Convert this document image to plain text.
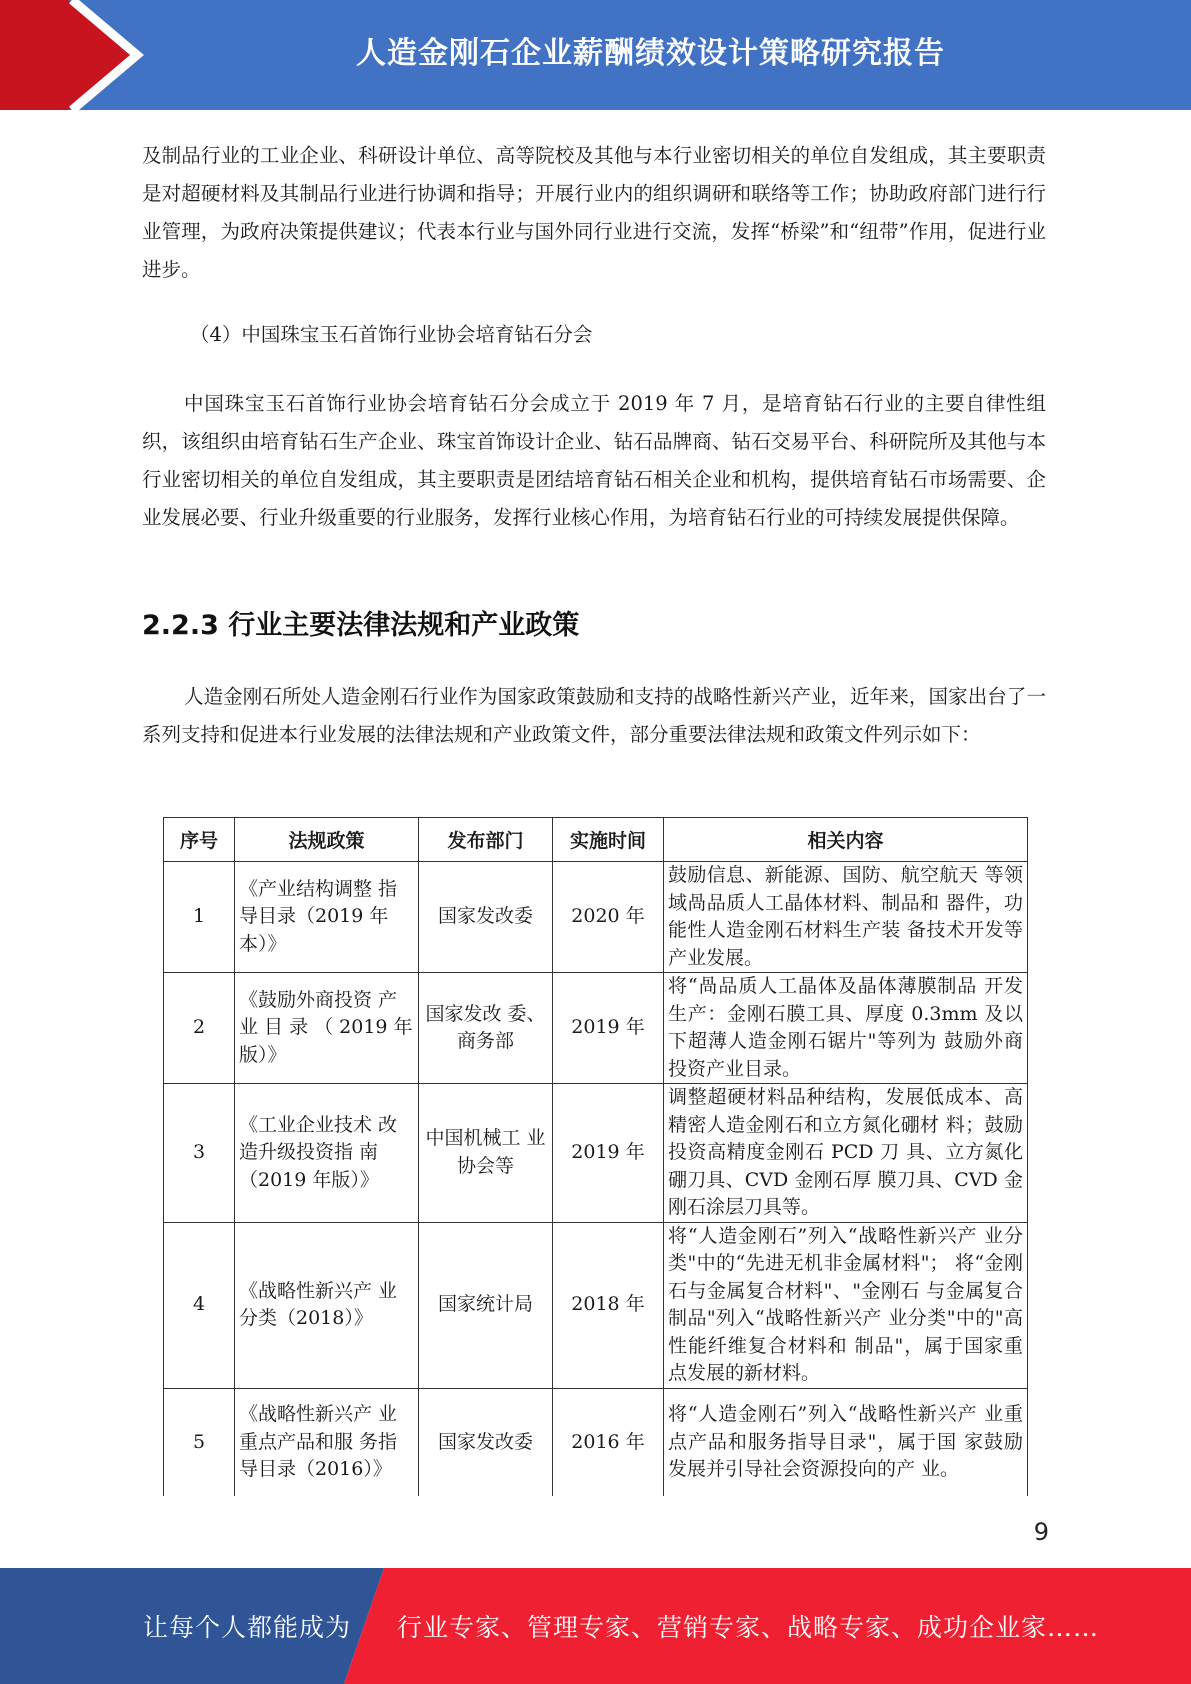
人造金刚石企业薪酬绩效设计策略研究报告

及制品行业的工业企业、科研设计单位、高等院校及其他与本行业密切相关的单位自发组成，其主要职责是对超硬材料及其制品行业进行协调和指导；开展行业内的组织调研和联络等工作；协助政府部门进行行业管理，为政府决策提供建议；代表本行业与国外同行业进行交流，发挥“桥梁”和“纽带”作用，促进行业进步。

（4）中国珠宝玉石首饰行业协会培育钻石分会

中国珠宝玉石首饰行业协会培育钻石分会成立于 2019 年 7 月，是培育钻石行业的主要自律性组织，该组织由培育钻石生产企业、珠宝首饰设计企业、钻石品牌商、钻石交易平台、科研院所及其他与本行业密切相关的单位自发组成，其主要职责是团结培育钻石相关企业和机构，提供培育钻石市场需要、企业发展必要、行业升级重要的行业服务，发挥行业核心作用，为培育钻石行业的可持续发展提供保障。

2.2.3 行业主要法律法规和产业政策

人造金刚石所处人造金刚石行业作为国家政策鼓励和支持的战略性新兴产业，近年来，国家出台了一系列支持和促进本行业发展的法律法规和产业政策文件，部分重要法律法规和政策文件列示如下：

序号	法规政策	发布部门	实施时间	相关内容
1	《产业结构调整 指导目录（2019 年本）》	国家发改委	2020 年	鼓励信息、新能源、国防、航空航天 等领域咼品质人工晶体材料、制品和 器件，功能性人造金刚石材料生产装 备技术开发等产业发展。
2	《鼓励外商投资 产业 目 录 （ 2019 年版）》	国家发改 委、商务部	2019 年	将“咼品质人工晶体及晶体薄膜制品 开发生产：金刚石膜工具、厚度 0.3mm 及以下超薄人造金刚石锯片"等列为 鼓励外商投资产业目录。
3	《工业企业技术 改造升级投资指 南（2019 年版）》	中国机械工 业协会等	2019 年	调整超硬材料品种结构，发展低成本、高精密人造金刚石和立方氮化硼材 料；鼓励投资高精度金刚石 PCD 刀 具、立方氮化硼刀具、CVD 金刚石厚 膜刀具、CVD 金刚石涂层刀具等。
4	《战略性新兴产 业分类（2018）》	国家统计局	2018 年	将“人造金刚石”列入“战略性新兴产 业分类"中的“先进无机非金属材料"； 将“金刚石与金属复合材料"、"金刚石 与金属复合制品"列入“战略性新兴产 业分类"中的"高性能纤维复合材料和 制品"，属于国家重点发展的新材料。
5	《战略性新兴产 业重点产品和服 务指导目录（2016）》	国家发改委	2016 年	将“人造金刚石”列入“战略性新兴产 业重点产品和服务指导目录"，属于国 家鼓励发展并引导社会资源投向的产 业。
9
让每个人都能成为 行业专家、管理专家、营销专家、战略专家、成功企业家……
